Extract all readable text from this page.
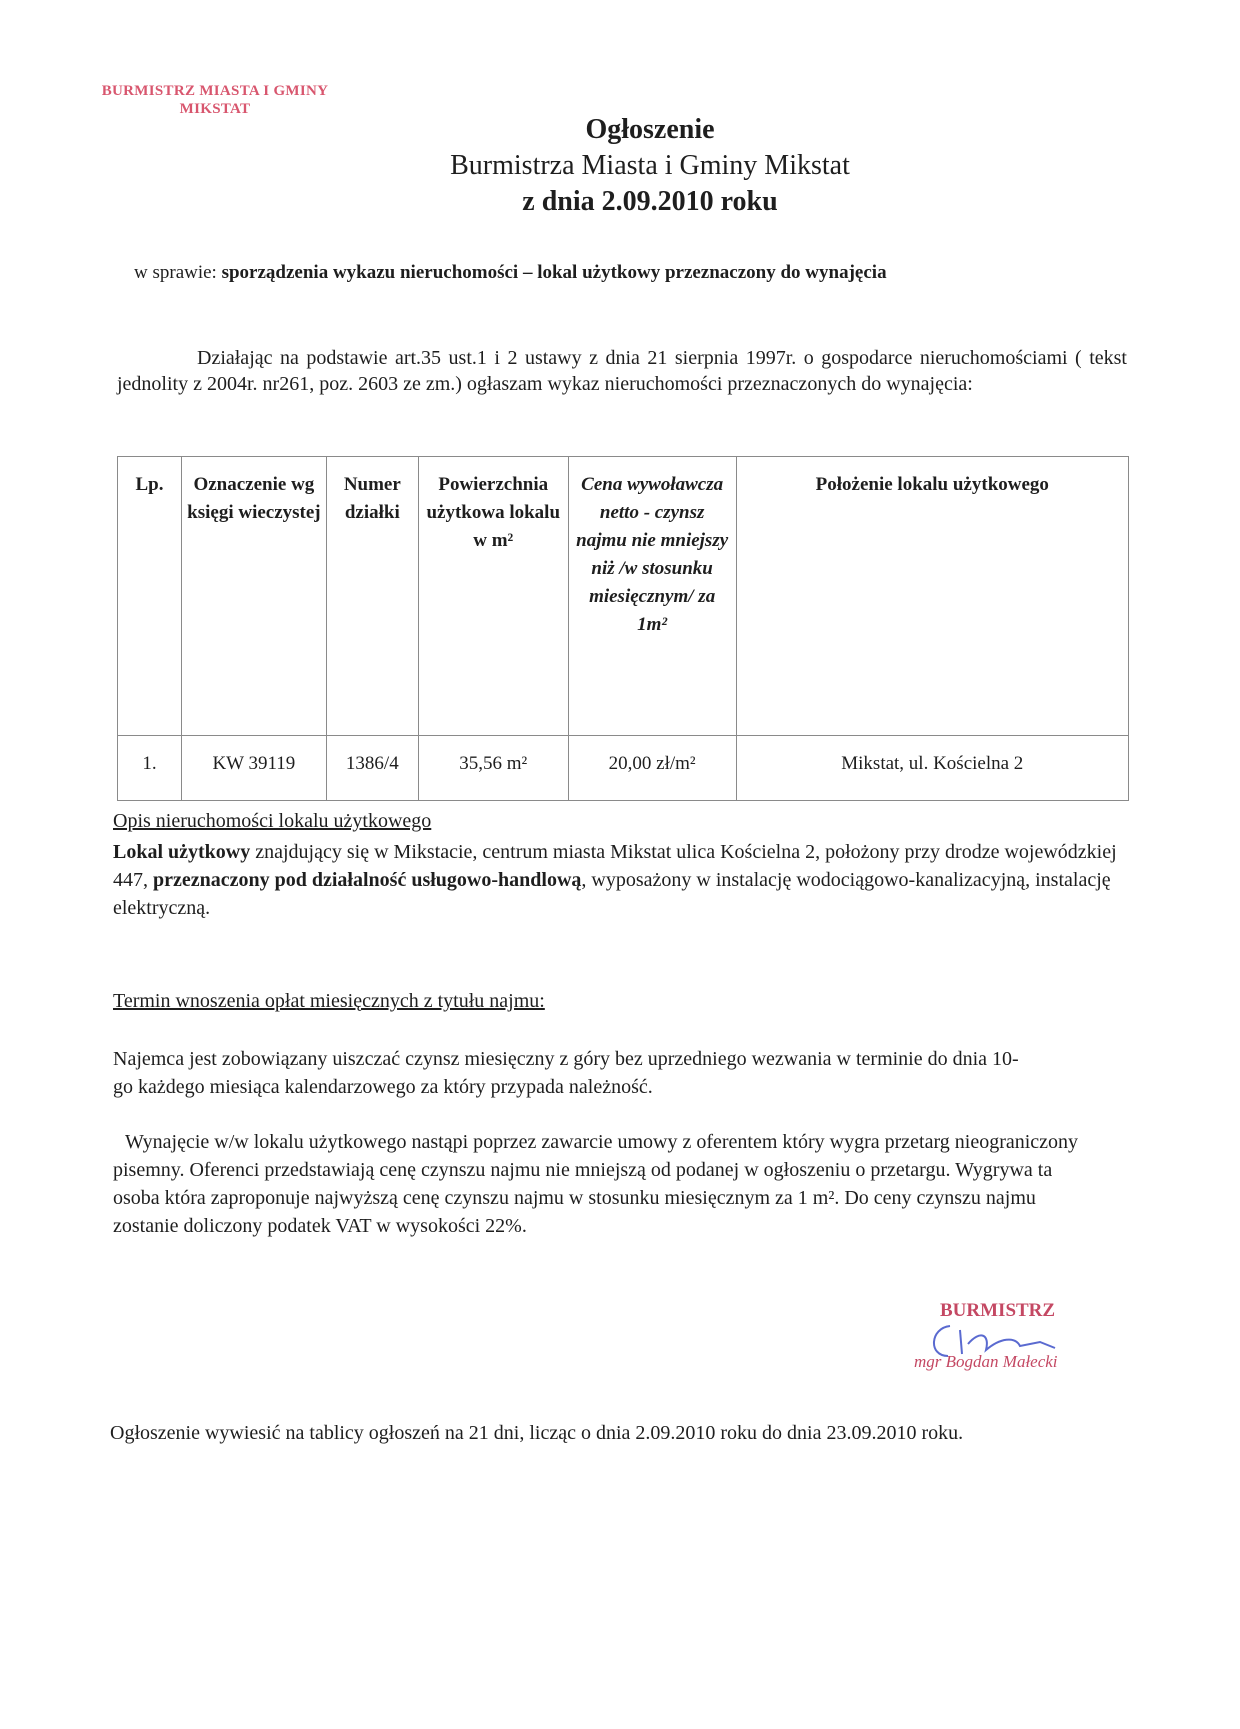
BURMISTRZ MIASTA I GMINY
MIKSTAT
Ogłoszenie
Burmistrza Miasta i Gminy Mikstat
z dnia 2.09.2010 roku
w sprawie: sporządzenia wykazu nieruchomości – lokal użytkowy przeznaczony do wynajęcia
Działając na podstawie art.35 ust.1 i 2 ustawy z dnia 21 sierpnia 1997r. o gospodarce nieruchomościami ( tekst jednolity z 2004r. nr261, poz. 2603 ze zm.) ogłaszam wykaz nieruchomości przeznaczonych do wynajęcia:
Lp.	Oznaczenie wg księgi wieczystej	Numer działki	Powierzchnia użytkowa lokalu w m²	Cena wywoławcza netto - czynsz najmu nie mniejszy niż /w stosunku miesięcznym/ za 1m²	Położenie lokalu użytkowego
1.	KW 39119	1386/4	35,56 m²	20,00 zł/m²	Mikstat, ul. Kościelna 2
Opis nieruchomości lokalu użytkowego
Lokal użytkowy znajdujący się w Mikstacie, centrum miasta Mikstat ulica Kościelna 2, położony przy drodze wojewódzkiej 447, przeznaczony pod działalność usługowo-handlową, wyposażony w instalację wodociągowo-kanalizacyjną, instalację elektryczną.
Termin wnoszenia opłat miesięcznych z tytułu najmu:
Najemca jest zobowiązany uiszczać czynsz miesięczny z góry bez uprzedniego wezwania w terminie do dnia 10-go każdego miesiąca kalendarzowego za który przypada należność.
Wynajęcie w/w lokalu użytkowego nastąpi poprzez zawarcie umowy z oferentem który wygra przetarg nieograniczony pisemny. Oferenci przedstawiają cenę czynszu najmu nie mniejszą od podanej w ogłoszeniu o przetargu. Wygrywa ta osoba która zaproponuje najwyższą cenę czynszu najmu w stosunku miesięcznym za 1 m². Do ceny czynszu najmu zostanie doliczony podatek VAT w wysokości 22%.
BURMISTRZ
mgr Bogdan Małecki
Ogłoszenie wywiesić na tablicy ogłoszeń na 21 dni, licząc o dnia 2.09.2010 roku do dnia 23.09.2010 roku.
